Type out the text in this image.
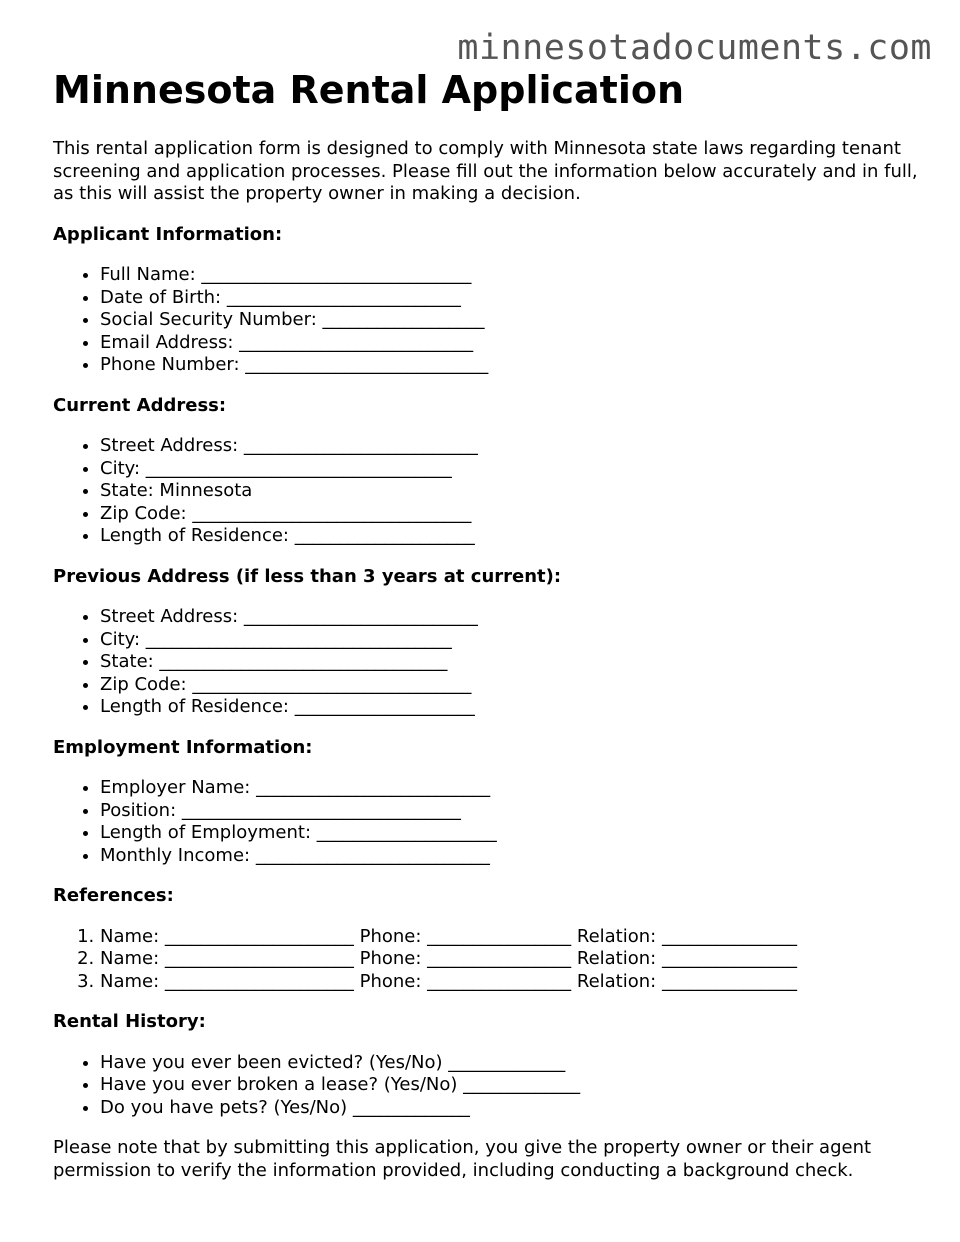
minnesotadocuments.com
Minnesota Rental Application

This rental application form is designed to comply with Minnesota state laws regarding tenant screening and application processes. Please fill out the information below accurately and in full, as this will assist the property owner in making a decision.

Applicant Information:
• Full Name: ______________________________
• Date of Birth: __________________________
• Social Security Number: __________________
• Email Address: __________________________
• Phone Number: ___________________________
Current Address:
• Street Address: __________________________
• City: __________________________________
• State: Minnesota
• Zip Code: _______________________________
• Length of Residence: ____________________
Previous Address (if less than 3 years at current):
• Street Address: __________________________
• City: __________________________________
• State: ________________________________
• Zip Code: _______________________________
• Length of Residence: ____________________
Employment Information:
• Employer Name: __________________________
• Position: _______________________________
• Length of Employment: ____________________
• Monthly Income: __________________________
References:
1. Name: _____________________ Phone: ________________ Relation: _______________
2. Name: _____________________ Phone: ________________ Relation: _______________
3. Name: _____________________ Phone: ________________ Relation: _______________
Rental History:
• Have you ever been evicted? (Yes/No) _____________
• Have you ever broken a lease? (Yes/No) _____________
• Do you have pets? (Yes/No) _____________

Please note that by submitting this application, you give the property owner or their agent permission to verify the information provided, including conducting a background check.
